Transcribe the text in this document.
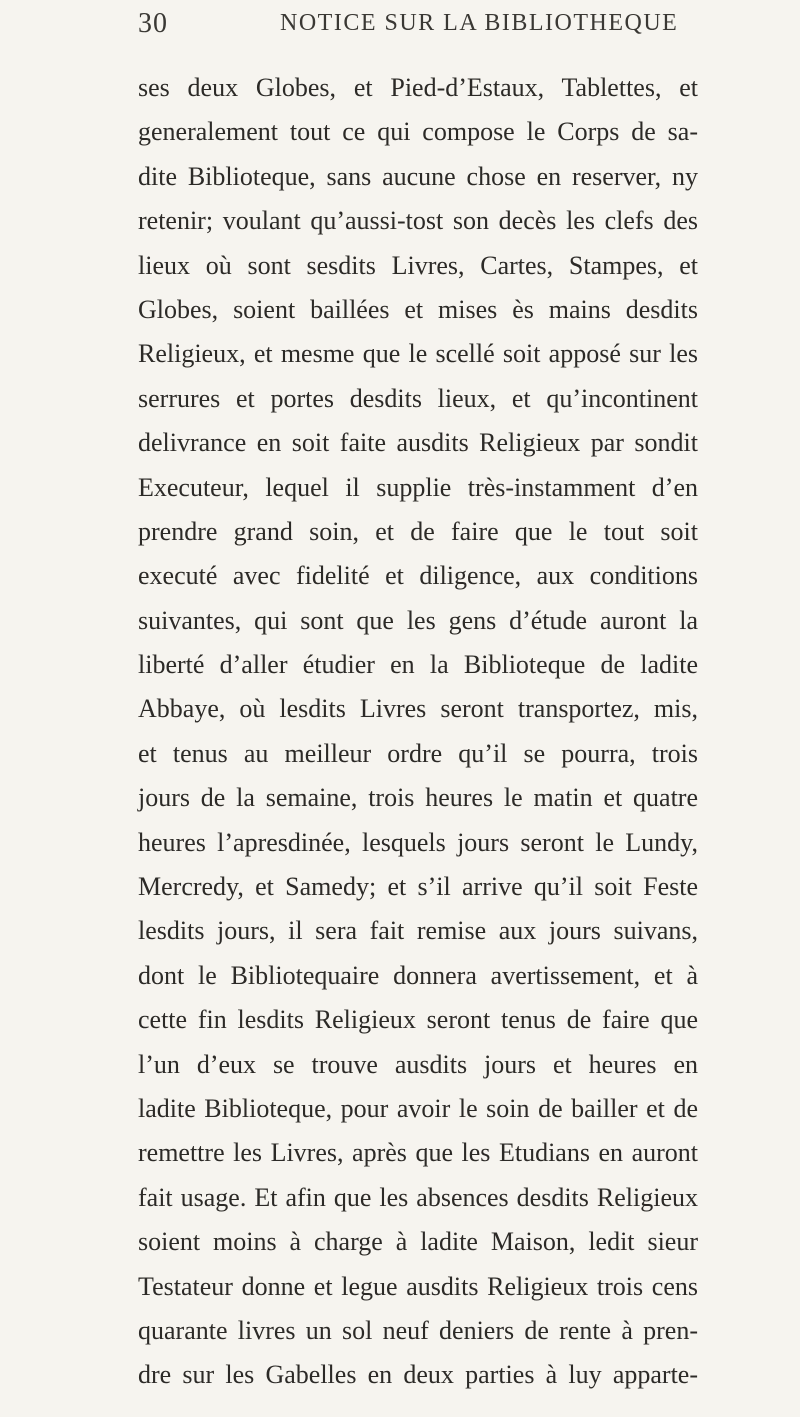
30	NOTICE SUR LA BIBLIOTHEQUE
ses deux Globes, et Pied-d’Estaux, Tablettes, et
generalement tout ce qui compose le Corps de sa-
dite Biblioteque, sans aucune chose en reserver, ny
retenir; voulant qu’aussi-tost son decès les clefs des
lieux où sont sesdits Livres, Cartes, Stampes, et
Globes, soient baillées et mises ès mains desdits
Religieux, et mesme que le scellé soit apposé sur les
serrures et portes desdits lieux, et qu’incontinent
delivrance en soit faite ausdits Religieux par sondit
Executeur, lequel il supplie très-instamment d’en
prendre grand soin, et de faire que le tout soit
executé avec fidelité et diligence, aux conditions
suivantes, qui sont que les gens d’étude auront la
liberté d’aller étudier en la Biblioteque de ladite
Abbaye, où lesdits Livres seront transportez, mis,
et tenus au meilleur ordre qu’il se pourra, trois
jours de la semaine, trois heures le matin et quatre
heures l’apresdinée, lesquels jours seront le Lundy,
Mercredy, et Samedy; et s’il arrive qu’il soit Feste
lesdits jours, il sera fait remise aux jours suivans,
dont le Bibliotequaire donnera avertissement, et à
cette fin lesdits Religieux seront tenus de faire que
l’un d’eux se trouve ausdits jours et heures en
ladite Biblioteque, pour avoir le soin de bailler et de
remettre les Livres, après que les Etudians en auront
fait usage. Et afin que les absences desdits Religieux
soient moins à charge à ladite Maison, ledit sieur
Testateur donne et legue ausdits Religieux trois cens
quarante livres un sol neuf deniers de rente à pren-
dre sur les Gabelles en deux parties à luy apparte-
